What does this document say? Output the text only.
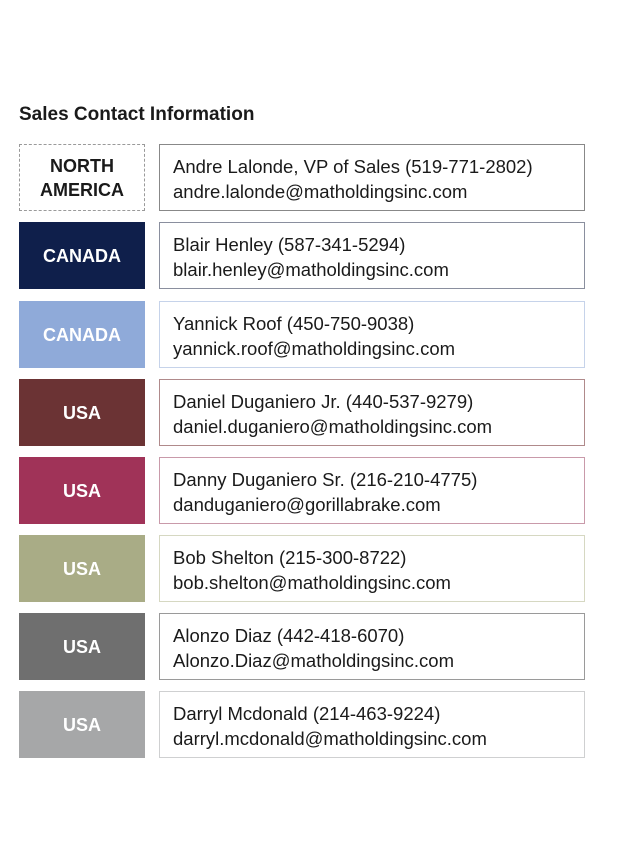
Sales Contact Information
NORTH
AMERICA
Andre Lalonde, VP of Sales (519-771-2802)
andre.lalonde@matholdingsinc.com
CANADA
Blair Henley (587-341-5294)
blair.henley@matholdingsinc.com
CANADA
Yannick Roof (450-750-9038)
yannick.roof@matholdingsinc.com
USA
Daniel Duganiero Jr. (440-537-9279)
daniel.duganiero@matholdingsinc.com
USA
Danny Duganiero Sr. (216-210-4775)
danduganiero@gorillabrake.com
USA
Bob Shelton (215-300-8722)
bob.shelton@matholdingsinc.com
USA
Alonzo Diaz (442-418-6070)
Alonzo.Diaz@matholdingsinc.com
USA
Darryl Mcdonald (214-463-9224)
darryl.mcdonald@matholdingsinc.com
